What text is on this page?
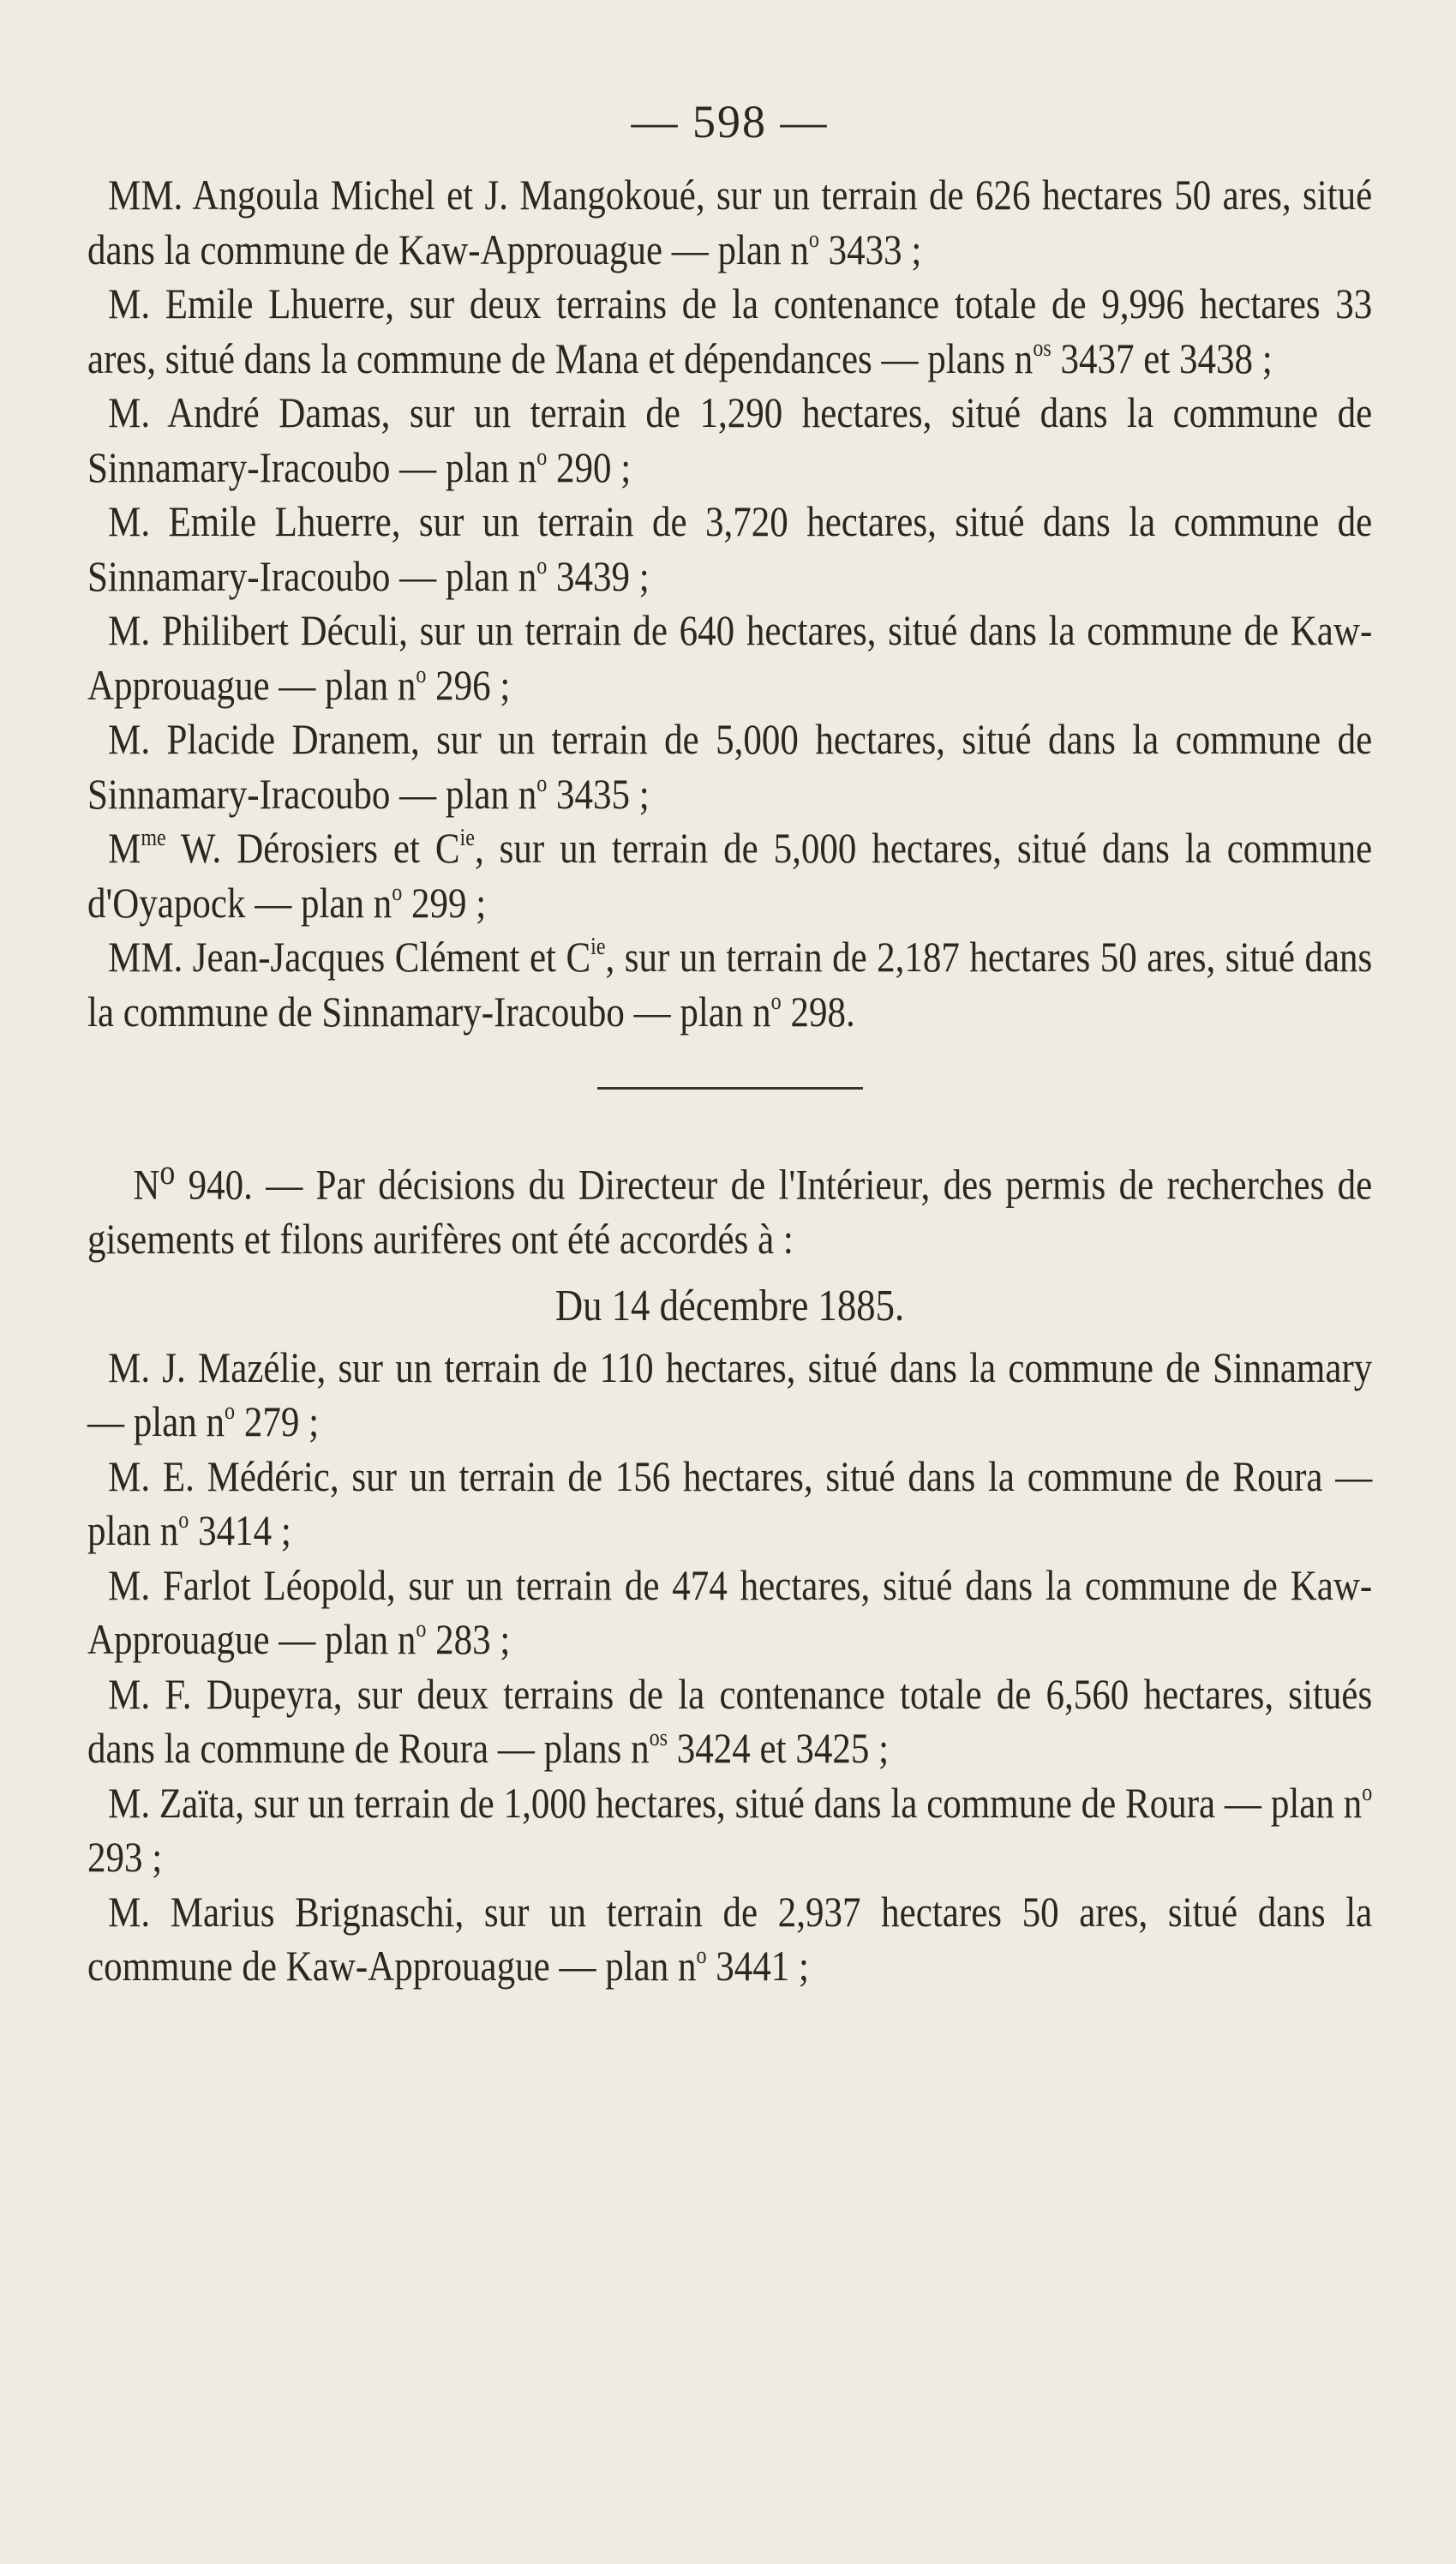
— 598 —

MM. Angoula Michel et J. Mangokoué, sur un terrain de 626 hectares 50 ares, situé dans la commune de Kaw-Approuague — plan $n^o$ 3433 ;

M. Emile Lhuerre, sur deux terrains de la contenance totale de 9,996 hectares 33 ares, situé dans la commune de Mana et dépendances — plans $n^{os}$ 3437 et 3438 ;

M. André Damas, sur un terrain de 1,290 hectares, situé dans la commune de Sinnamary-Iracoubo — plan $n^o$ 290 ;

M. Emile Lhuerre, sur un terrain de 3,720 hectares, situé dans la commune de Sinnamary-Iracoubo — plan $n^o$ 3439 ;

M. Philibert Déculi, sur un terrain de 640 hectares, situé dans la commune de Kaw-Approuague — plan $n^o$ 296 ;

M. Placide Dranem, sur un terrain de 5,000 hectares, situé dans la commune de Sinnamary-Iracoubo — plan $n^o$ 3435 ;

$M^{me}$ W. Dérosiers et $C^{ie}$, sur un terrain de 5,000 hectares, situé dans la commune d'Oyapock — plan $n^o$ 299 ;

MM. Jean-Jacques Clément et $C^{ie}$, sur un terrain de 2,187 hectares 50 ares, situé dans la commune de Sinnamary-Iracoubo — plan $n^o$ 298.

$N^o$ 940. — Par décisions du Directeur de l'Intérieur, des permis de recherches de gisements et filons aurifères ont été accordés à :

Du 14 décembre 1885.

M. J. Mazélie, sur un terrain de 110 hectares, situé dans la commune de Sinnamary — plan $n^o$ 279 ;

M. E. Médéric, sur un terrain de 156 hectares, situé dans la commune de Roura — plan $n^o$ 3414 ;

M. Farlot Léopold, sur un terrain de 474 hectares, situé dans la commune de Kaw-Approuague — plan $n^o$ 283 ;

M. F. Dupeyra, sur deux terrains de la contenance totale de 6,560 hectares, situés dans la commune de Roura — plans $n^{os}$ 3424 et 3425 ;

M. Zaïta, sur un terrain de 1,000 hectares, situé dans la commune de Roura — plan $n^o$ 293 ;

M. Marius Brignaschi, sur un terrain de 2,937 hectares 50 ares, situé dans la commune de Kaw-Approuague — plan $n^o$ 3441 ;
